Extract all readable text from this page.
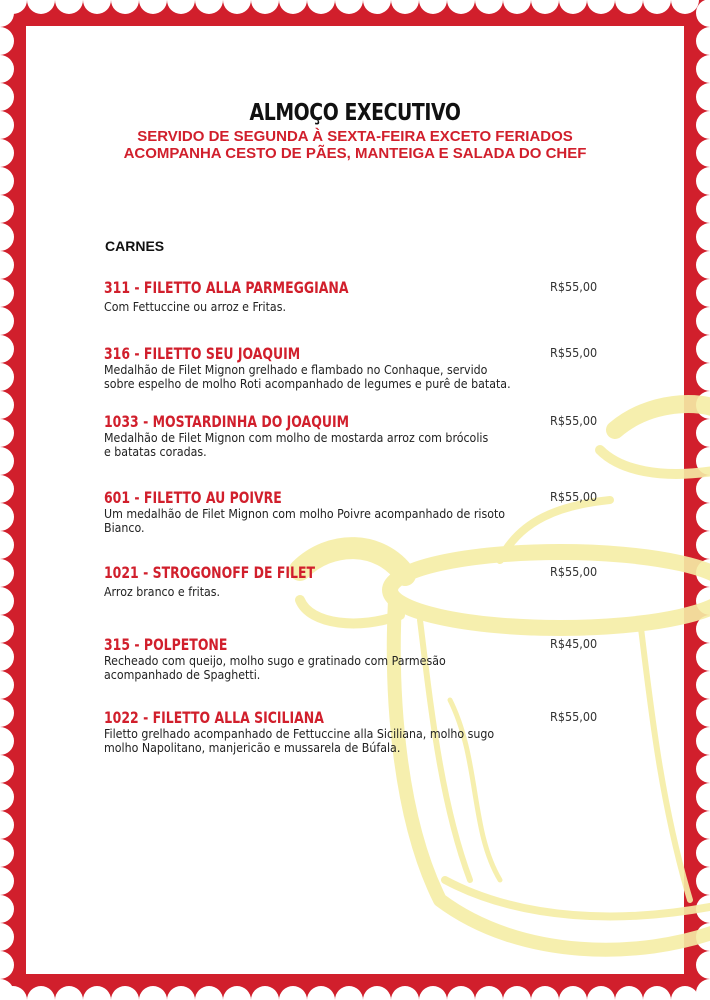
ALMOÇO EXECUTIVO
SERVIDO DE SEGUNDA À SEXTA-FEIRA EXCETO FERIADOS
ACOMPANHA CESTO DE PÃES, MANTEIGA E SALADA DO CHEF
CARNES
311 - FILETTO ALLA PARMEGGIANA	R$55,00
Com Fettuccine ou arroz e Fritas.
316 - FILETTO SEU JOAQUIM	R$55,00
Medalhão de Filet Mignon grelhado e flambado no Conhaque, servido
sobre espelho de molho Roti acompanhado de legumes e purê de batata.
1033 - MOSTARDINHA DO JOAQUIM	R$55,00
Medalhão de Filet Mignon com molho de mostarda arroz com brócolis
e batatas coradas.
601 - FILETTO AU POIVRE	R$55,00
Um medalhão de Filet Mignon com molho Poivre acompanhado de risoto
Bianco.
1021 - STROGONOFF DE FILET	R$55,00
Arroz branco e fritas.
315 - POLPETONE	R$45,00
Recheado com queijo, molho sugo e gratinado com Parmesão
acompanhado de Spaghetti.
1022 - FILETTO ALLA SICILIANA	R$55,00
Filetto grelhado acompanhado de Fettuccine alla Siciliana, molho sugo
molho Napolitano, manjericão e mussarela de Búfala.
